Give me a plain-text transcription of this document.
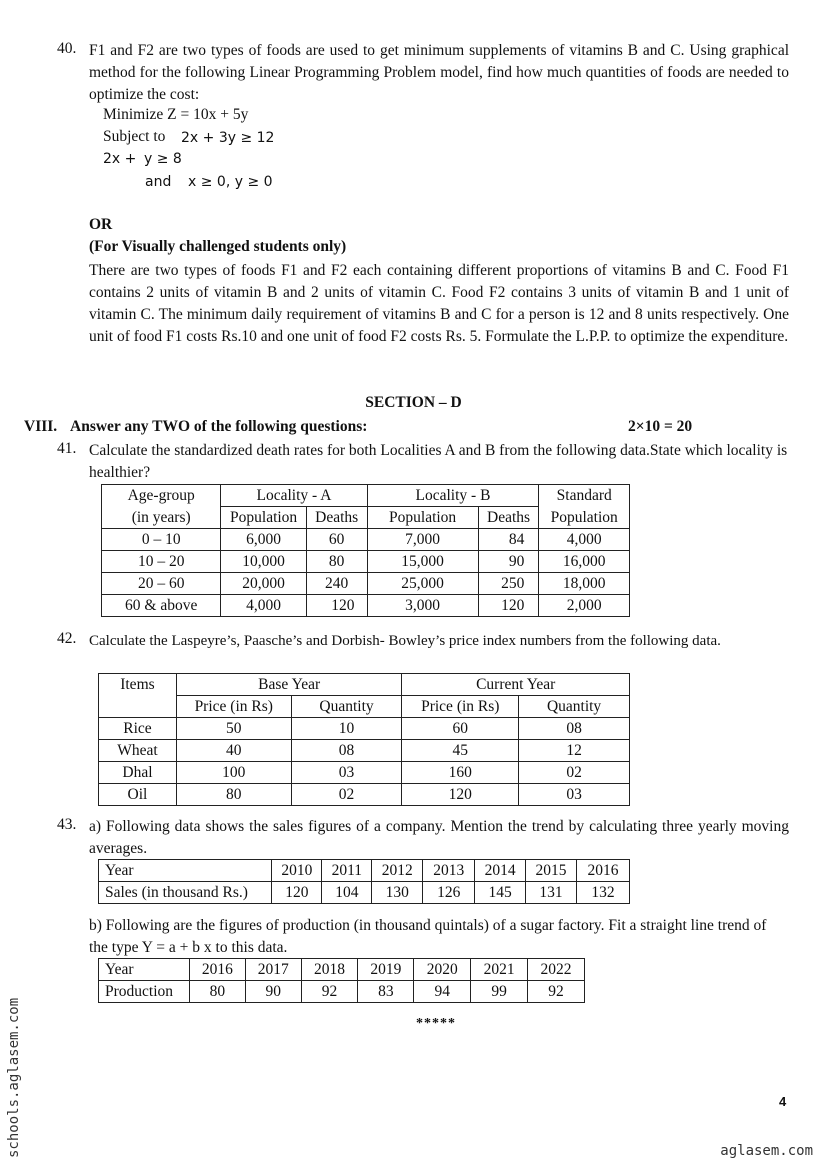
40. F1 and F2 are two types of foods are used to get minimum supplements of vitamins B and C. Using graphical method for the following Linear Programming Problem model, find how much quantities of foods are needed to optimize the cost:
Minimize Z = 10x + 5y
Subject to 2x + 3y ≥ 12
2x + y ≥ 8
and x ≥ 0, y ≥ 0
OR
(For Visually challenged students only)
There are two types of foods F1 and F2 each containing different proportions of vitamins B and C. Food F1 contains 2 units of vitamin B and 2 units of vitamin C. Food F2 contains 3 units of vitamin B and 1 unit of vitamin C. The minimum daily requirement of vitamins B and C for a person is 12 and 8 units respectively. One unit of food F1 costs Rs.10 and one unit of food F2 costs Rs. 5. Formulate the L.P.P. to optimize the expenditure.
SECTION – D
VIII. Answer any TWO of the following questions:	2×10 = 20
41. Calculate the standardized death rates for both Localities A and B from the following data.State which locality is healthier?
Age-group	Locality - A		Locality - B		Standard
(in years)	Population	Deaths	Population	Deaths	Population
0 – 10	6,000	60	7,000	84	4,000
10 – 20	10,000	80	15,000	90	16,000
20 – 60	20,000	240	25,000	250	18,000
60 & above	4,000	120	3,000	120	2,000
42. Calculate the Laspeyre’s, Paasche’s and Dorbish- Bowley’s price index numbers from the following data.
Items	Base Year		Current Year	
	Price (in Rs)	Quantity	Price (in Rs)	Quantity
Rice	50	10	60	08
Wheat	40	08	45	12
Dhal	100	03	160	02
Oil	80	02	120	03
43. a) Following data shows the sales figures of a company. Mention the trend by calculating three yearly moving averages.
Year	2010	2011	2012	2013	2014	2015	2016
Sales (in thousand Rs.)	120	104	130	126	145	131	132
b) Following are the figures of production (in thousand quintals) of a sugar factory. Fit a straight line trend of the type Y = a + b x to this data.
Year	2016	2017	2018	2019	2020	2021	2022
Production	80	90	92	83	94	99	92
*****
4
schools.aglasem.com	aglasem.com
